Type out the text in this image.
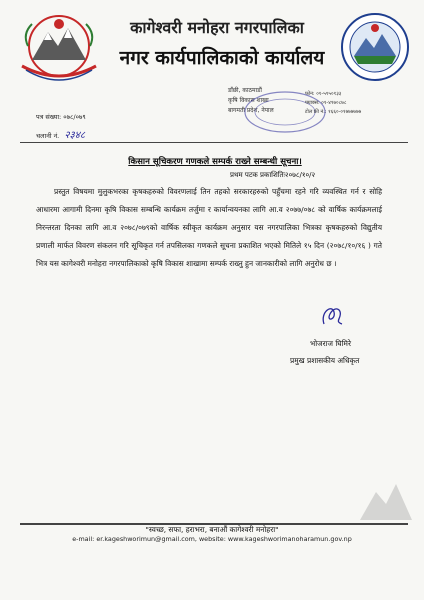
कागेश्वरी मनोहरा नगरपालिका
नगर कार्यपालिकाको कार्यालय
डाँछी, काठमाडौं
कृषि विकास शाखा
बागमती प्रदेश, नेपाल
फोन: ०१-५९५०१३३
फ्याक्स: ०१-४९७०८७८
टोल फ्री नं.: १६६०-०१७७७७७७
पत्र संख्या: ०७८/०७९
चलानी नं. २३४८
किसान सूचिकरण गणकले सम्पर्क राख्ने सम्बन्धी सूचना।
प्रथम पटक प्रकाशितिः२०७८/१०/२

प्रस्तुत विषयमा मुलुकभरका कृषकहरुको विवरणलाई तिन तहको सरकारहरुको पहुँचमा रहने गरि व्यवस्थित गर्न र सोहि आधारमा आगामी दिनमा कृषि विकास सम्बन्धि कार्यक्रम तर्जुमा र कार्यान्वयनका लागि आ.व २०७७/०७८ को वार्षिक कार्यक्रमलाई निरन्तरता दिनका लागि आ.व २०७८/०७९को वार्षिक स्वीकृत कार्यक्रम अनुसार यस नगरपालिका भित्रका कृषकहरुको विद्युतीय प्रणाली मार्फत विवरण संकलन गरि सूचिकृत गर्न तपसिलका गणकले सूचना प्रकाशित भएको मितिले १५ दिन (२०७८/१०/१६ ) गते भित्र यस कागेश्वरी मनोहरा नगरपालिकाको कृषि विकास शाखामा सम्पर्क राख्नु हुन जानकारीको लागि अनुरोध छ ।

भोजराज घिमिरे
प्रमुख प्रशासकीय अधिकृत
"स्वच्छ, सफा, हराभरा, बनाऔं कागेश्वरी मनोहरा"
e-mail: er.kageshworimun@gmail.com, website: www.kageshworimanoharamun.gov.np
